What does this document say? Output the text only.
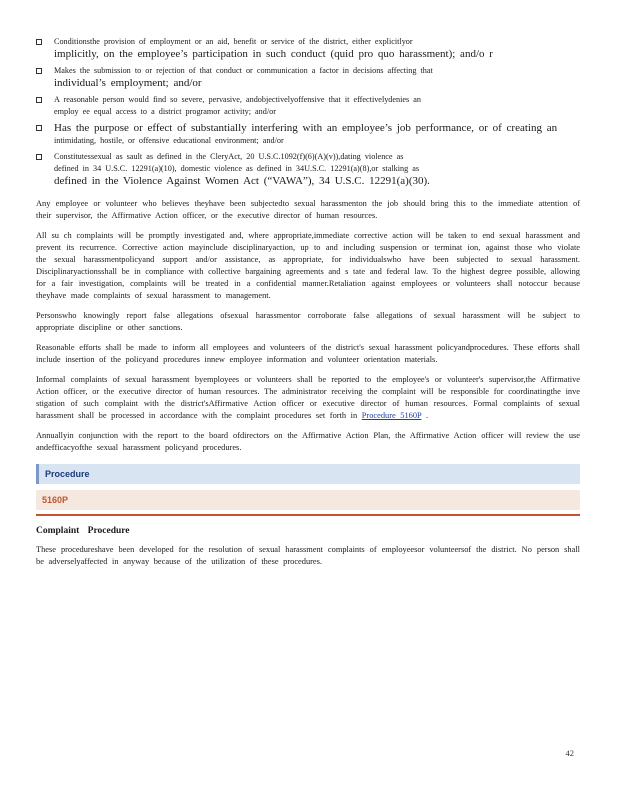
Conditionsthe provision of employment or an aid, benefit or service of the district, either explicitlyor
implicitly, on the employee’s participation in such conduct (quid pro quo harassment); and/o r
Makes the submission to or rejection of that conduct or communication a factor in decisions affecting that
individual’s employment; and/or
A reasonable person would find so severe, pervasive, andobjectivelyoffensive that it effectivelydenies an
employ ee equal access to a district programor activity; and/or
Has the purpose or effect of substantially interfering with an employee’s job performance, or of creating an
intimidating, hostile, or offensive educational environment; and/or
Constitutessexual as sault as defined in the CleryAct, 20 U.S.C.1092(f)(6)(A)(v)),dating violence as
defined in 34 U.S.C. 12291(a)(10), domestic violence as defined in 34U.S.C. 12291(a)(8),or stalking as
defined in the Violence Against Women Act (“VAWA”), 34 U.S.C. 12291(a)(30).

Any employee or volunteer who believes theyhave been subjectedto sexual harassmenton the job should bring this to the immediate attention of their supervisor, the Affirmative Action officer, or the executive director of human resources.

All su ch complaints will be promptly investigated and, where appropriate,immediate corrective action will be taken to end sexual harassment and prevent its recurrence. Corrective action mayinclude disciplinaryaction, up to and including suspension or terminat ion, against those who violate the sexual harassmentpolicyand support and/or assistance, as appropriate, for individualswho have been subjected to sexual harassment. Disciplinaryactionsshall be in compliance with collective bargaining agreements and s tate and federal law. To the highest degree possible, allowing for a fair investigation, complaints will be treated in a confidential manner.Retaliation against employees or volunteers shall notoccur because theyhave made complaints of sexual harassment to management.

Personswho knowingly report false allegations ofsexual harassmentor corroborate false allegations of sexual harassment will be subject to appropriate discipline or other sanctions.

Reasonable efforts shall be made to inform all employees and volunteers of the district's sexual harassment policyandprocedures. These efforts shall include insertion of the policyand procedures innew employee information and volunteer orientation materials.

Informal complaints of sexual harassment byemployees or volunteers shall be reported to the employee's or volunteer's supervisor,the Affirmative Action officer, or the executive director of human resources. The administrator receiving the complaint will be responsible for coordinatingthe inve stigation of such complaint with the district'sAffirmative Action officer or executive director of human resources. Formal complaints of sexual harassment shall be processed in accordance with the complaint procedures set forth in Procedure 5160P .

Annuallyin conjunction with the report to the board ofdirectors on the Affirmative Action Plan, the Affirmative Action officer will review the use andefficacyofthe sexual harassment policyand procedures.

Procedure
5160P
Complaint Procedure

These procedureshave been developed for the resolution of sexual harassment complaints of employeesor volunteersof the district. No person shall be adverselyaffected in anyway because of the utilization of these procedures.

42
